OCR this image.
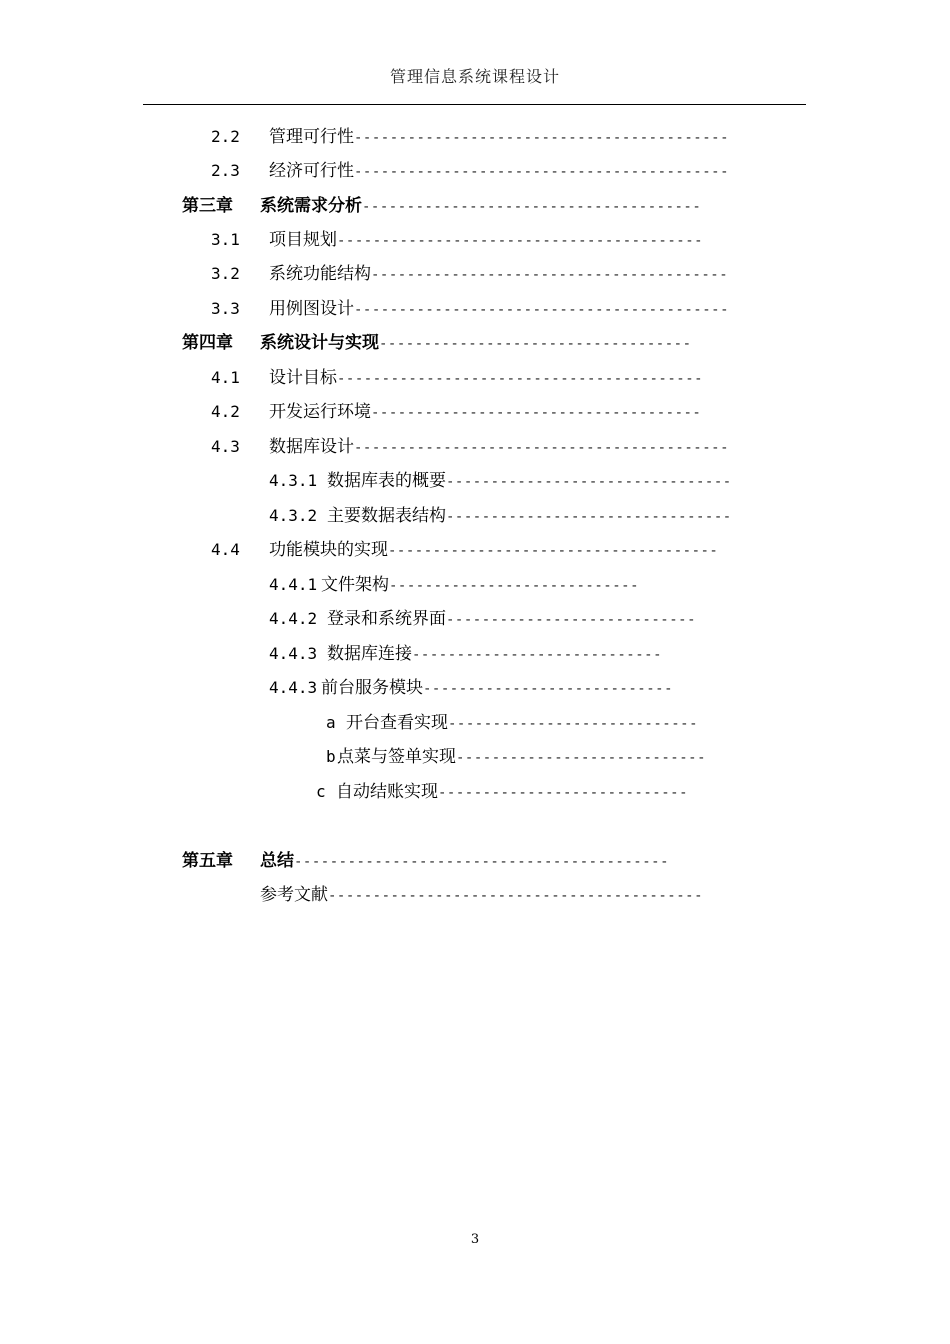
管理信息系统课程设计
2.2 管理可行性------------------------------------------
2.3 经济可行性------------------------------------------
第三章 系统需求分析--------------------------------------
3.1 项目规划-----------------------------------------
3.2 系统功能结构----------------------------------------
3.3 用例图设计------------------------------------------
第四章 系统设计与实现-----------------------------------
4.1 设计目标-----------------------------------------
4.2 开发运行环境-------------------------------------
4.3 数据库设计------------------------------------------
4.3.1 数据库表的概要--------------------------------
4.3.2 主要数据表结构--------------------------------
4.4 功能模块的实现-------------------------------------
4.4.1 文件架构----------------------------
4.4.2 登录和系统界面----------------------------
4.4.3 数据库连接----------------------------
4.4.3 前台服务模块----------------------------
a 开台查看实现----------------------------
b点菜与签单实现----------------------------
c 自动结账实现----------------------------
第五章 总结------------------------------------------
参考文献------------------------------------------
3
